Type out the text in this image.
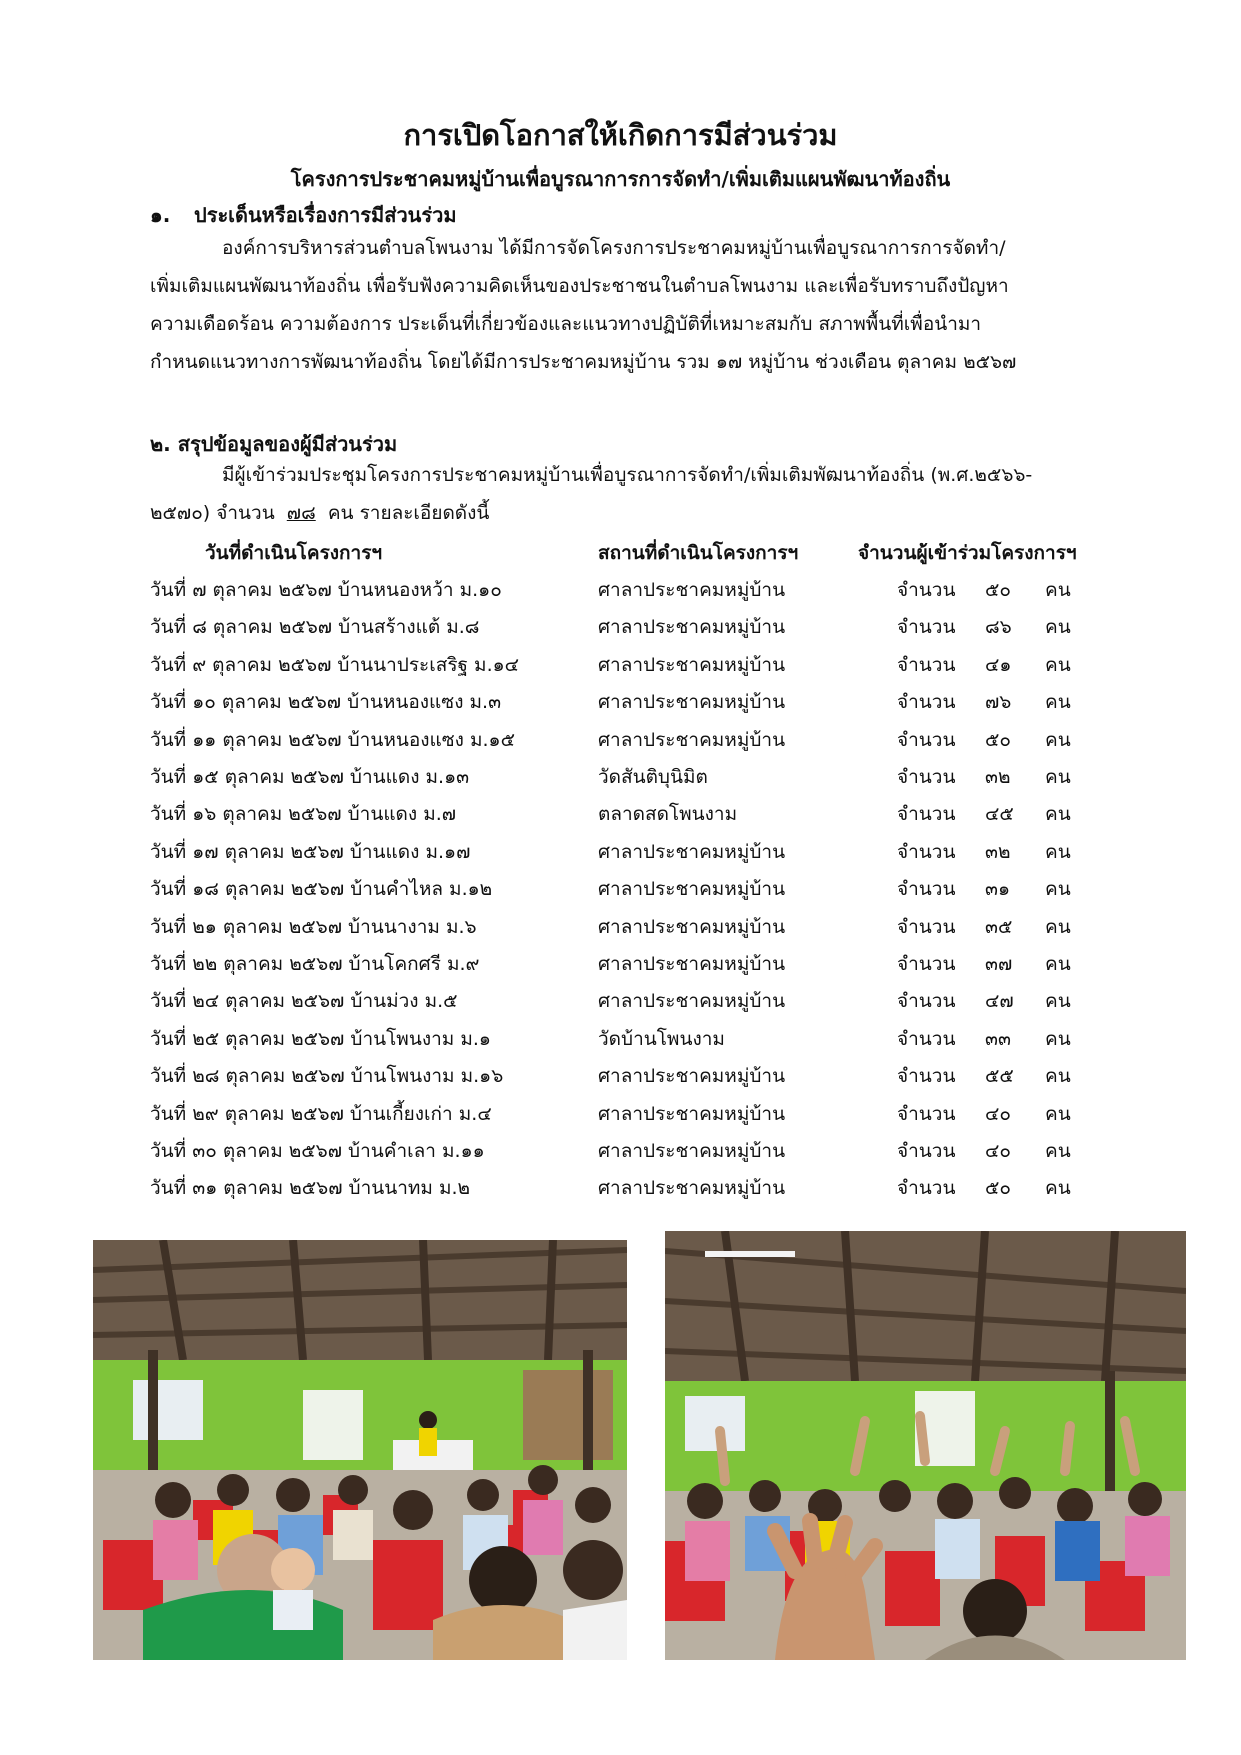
การเปิดโอกาสให้เกิดการมีส่วนร่วม
โครงการประชาคมหมู่บ้านเพื่อบูรณาการการจัดทำ/เพิ่มเติมแผนพัฒนาท้องถิ่น
๑. ประเด็นหรือเรื่องการมีส่วนร่วม
องค์การบริหารส่วนตำบลโพนงาม ได้มีการจัดโครงการประชาคมหมู่บ้านเพื่อบูรณาการการจัดทำ/
เพิ่มเติมแผนพัฒนาท้องถิ่น เพื่อรับฟังความคิดเห็นของประชาชนในตำบลโพนงาม และเพื่อรับทราบถึงปัญหา
ความเดือดร้อน ความต้องการ ประเด็นที่เกี่ยวข้องและแนวทางปฏิบัติที่เหมาะสมกับ สภาพพื้นที่เพื่อนำมา
กำหนดแนวทางการพัฒนาท้องถิ่น โดยได้มีการประชาคมหมู่บ้าน รวม ๑๗ หมู่บ้าน ช่วงเดือน ตุลาคม ๒๕๖๗
๒. สรุปข้อมูลของผู้มีส่วนร่วม
มีผู้เข้าร่วมประชุมโครงการประชาคมหมู่บ้านเพื่อบูรณาการจัดทำ/เพิ่มเติมพัฒนาท้องถิ่น (พ.ศ.๒๕๖๖-
๒๕๗๐) จำนวน ๗๘ คน รายละเอียดดังนี้
วันที่ดำเนินโครงการฯ	สถานที่ดำเนินโครงการฯ	จำนวนผู้เข้าร่วมโครงการฯ
วันที่ ๗ ตุลาคม ๒๕๖๗ บ้านหนองหว้า ม.๑๐	ศาลาประชาคมหมู่บ้าน	จำนวน ๕๐ คน
วันที่ ๘ ตุลาคม ๒๕๖๗ บ้านสร้างแต้ ม.๘	ศาลาประชาคมหมู่บ้าน	จำนวน ๘๖ คน
วันที่ ๙ ตุลาคม ๒๕๖๗ บ้านนาประเสริฐ ม.๑๔	ศาลาประชาคมหมู่บ้าน	จำนวน ๔๑ คน
วันที่ ๑๐ ตุลาคม ๒๕๖๗ บ้านหนองแซง ม.๓	ศาลาประชาคมหมู่บ้าน	จำนวน ๗๖ คน
วันที่ ๑๑ ตุลาคม ๒๕๖๗ บ้านหนองแซง ม.๑๕	ศาลาประชาคมหมู่บ้าน	จำนวน ๕๐ คน
วันที่ ๑๕ ตุลาคม ๒๕๖๗ บ้านแดง ม.๑๓	วัดสันติบุนิมิต	จำนวน ๓๒ คน
วันที่ ๑๖ ตุลาคม ๒๕๖๗ บ้านแดง ม.๗	ตลาดสดโพนงาม	จำนวน ๔๕ คน
วันที่ ๑๗ ตุลาคม ๒๕๖๗ บ้านแดง ม.๑๗	ศาลาประชาคมหมู่บ้าน	จำนวน ๓๒ คน
วันที่ ๑๘ ตุลาคม ๒๕๖๗ บ้านคำไหล ม.๑๒	ศาลาประชาคมหมู่บ้าน	จำนวน ๓๑ คน
วันที่ ๒๑ ตุลาคม ๒๕๖๗ บ้านนางาม ม.๖	ศาลาประชาคมหมู่บ้าน	จำนวน ๓๕ คน
วันที่ ๒๒ ตุลาคม ๒๕๖๗ บ้านโคกศรี ม.๙	ศาลาประชาคมหมู่บ้าน	จำนวน ๓๗ คน
วันที่ ๒๔ ตุลาคม ๒๕๖๗ บ้านม่วง ม.๕	ศาลาประชาคมหมู่บ้าน	จำนวน ๔๗ คน
วันที่ ๒๕ ตุลาคม ๒๕๖๗ บ้านโพนงาม ม.๑	วัดบ้านโพนงาม	จำนวน ๓๓ คน
วันที่ ๒๘ ตุลาคม ๒๕๖๗ บ้านโพนงาม ม.๑๖	ศาลาประชาคมหมู่บ้าน	จำนวน ๕๕ คน
วันที่ ๒๙ ตุลาคม ๒๕๖๗ บ้านเกี้ยงเก่า ม.๔	ศาลาประชาคมหมู่บ้าน	จำนวน ๔๐ คน
วันที่ ๓๐ ตุลาคม ๒๕๖๗ บ้านคำเลา ม.๑๑	ศาลาประชาคมหมู่บ้าน	จำนวน ๔๐ คน
วันที่ ๓๑ ตุลาคม ๒๕๖๗ บ้านนาทม ม.๒	ศาลาประชาคมหมู่บ้าน	จำนวน ๕๐ คน
